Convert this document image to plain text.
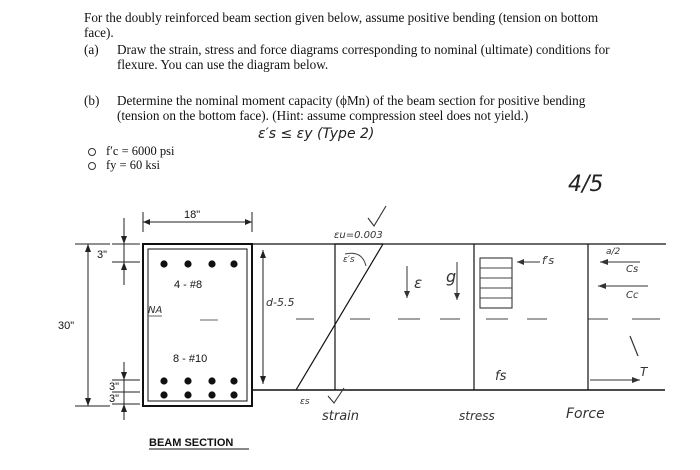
For the doubly reinforced beam section given below, assume positive bending (tension on bottom face).
(a) Draw the strain, stress and force diagrams corresponding to nominal (ultimate) conditions for flexure. You can use the diagram below.
(b) Determine the nominal moment capacity (ϕMn) of the beam section for positive bending (tension on the bottom face). (Hint: assume compression steel does not yield.)
f′c = 6000 psi
fy = 60 ksi
ε′s ≤ εy (Type 2)
4/5
18"
3"
30"
3"
3"
4 - #8
8 - #10
NA
BEAM SECTION
d-5.5
ε′s
εu=0.003
εs
strain
ε g
f′s
fs
stress
a/2
Cs
Cc
T
Force
